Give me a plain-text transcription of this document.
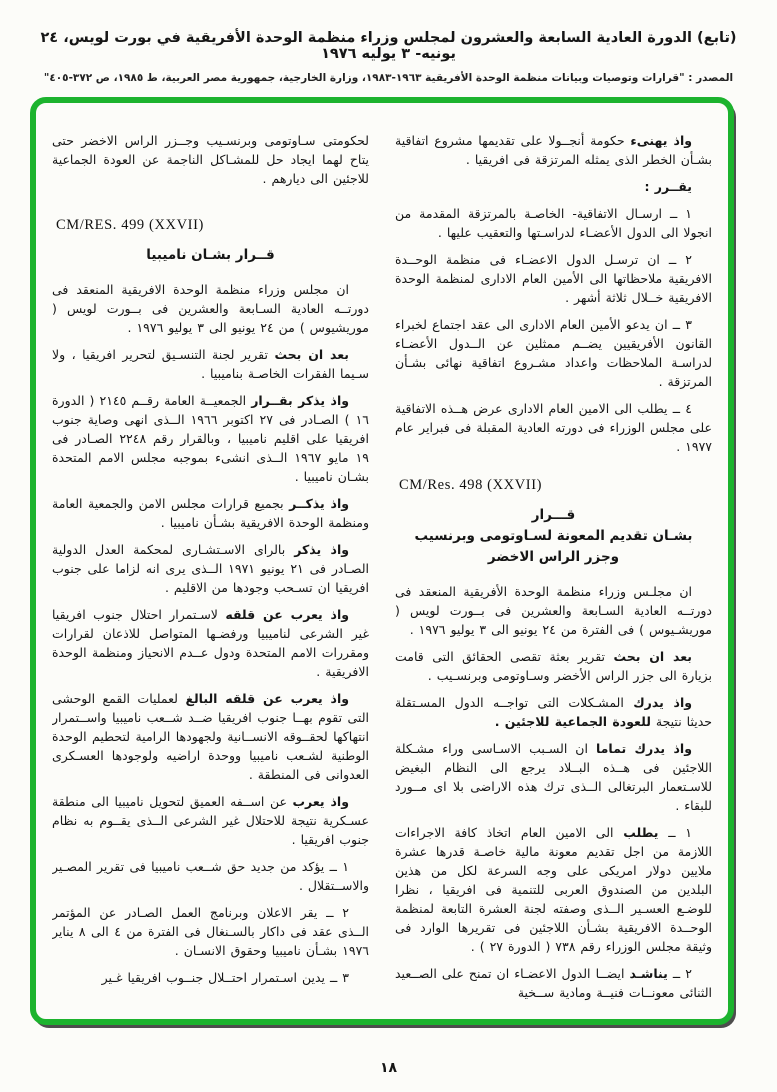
(تابع) الدورة العادية السابعة والعشرون لمجلس وزراء منظمة الوحدة الأفريقية في بورت لويس، ٢٤ يونيه- ٣ يوليه ١٩٧٦
المصدر : "قرارات وتوصيات وبيانات منظمة الوحدة الأفريقية ١٩٦٣-١٩٨٣، وزارة الخارجية، جمهورية مصر العربية، ط ١٩٨٥، ص ٣٧٢-٤٠٥"

واذ يهنىء حكومة أنجــولا على تقديمها مشروع اتفاقية بشـأن الخطر الذى يمثله المرتزقة فى افريقيا .

يقــرر :

١ ــ ارسـال الاتفاقية- الخاصـة بالمرتزقة المقدمة من انجولا الى الدول الأعضـاء لدراسـتها والتعقيب عليها .

٢ ــ ان ترسـل الدول الاعضـاء فى منظمة الوحــدة الافريقية ملاحظاتها الى الأمين العام الادارى لمنظمة الوحدة الافريقية خــلال ثلاثة أشهر .

٣ ــ ان يدعو الأمين العام الادارى الى عقد اجتماع لخبراء القانون الأفريقيين يضــم ممثلين عن الــدول الأعضـاء لدراسـة الملاحظات واعداد مشـروع اتفاقية نهائى بشـأن المرتزقة .

٤ ــ يطلب الى الامين العام الادارى عرض هــذه الاتفاقية على مجلس الوزراء فى دورته العادية المقبلة فى فبراير عام ١٩٧٧ .

CM/Res. 498 (XXVII)
قـــرار
بشـان تقديم المعونة لسـاوتومى وبرنسيب
وجزر الراس الاخضر

ان مجلـس وزراء منظمة الوحدة الأفريقية المنعقد فى دورتــه العادية السـابعة والعشرين فى بــورت لويس ( موريشـيوس ) فى الفترة من ٢٤ يونيو الى ٣ يوليو ١٩٧٦ .

بعد ان بحث تقرير بعثة تقصى الحقائق التى قامت بزيارة الى جزر الراس الأخضر وسـاوتومى وبرنسـيب .

واذ يدرك المشـكلات التى تواجــه الدول المسـتقلة حديثا نتيجة للعودة الجماعية للاجئين .

واذ يدرك تماما ان السـبب الاسـاسى وراء مشـكلة اللاجئين فى هــذه البــلاد يرجع الى النظام البغيض للاسـتعمار البرتغالى الــذى ترك هذه الاراضى بلا اى مــورد للبقاء .

١ ــ يطلب الى الامين العام اتخاذ كافة الاجراءات اللازمة من اجل تقديم معونة مالية خاصـة قدرها عشرة ملايين دولار امريكى على وجه السرعة لكل من هذين البلدين من الصندوق العربى للتنمية فى افريقيا ، نظرا للوضـع العسـير الــذى وصفته لجنة العشرة التابعة لمنظمة الوحــدة الافريقية بشـأن اللاجئين فى تقريرها الوارد فى وثيقة مجلس الوزراء رقم ٧٣٨ ( الدورة ٢٧ ) .

٢ ــ يناشـد ايضــا الدول الاعضـاء ان تمنح على الصــعيد الثنائى معونــات فنيــة ومادية ســخية

لحكومتى سـاوتومى وبرنسـيب وجــزر الراس الاخضر حتى يتاح لهما ايجاد حل للمشـاكل الناجمة عن العودة الجماعية للاجئين الى ديارهم .

CM/RES. 499 (XXVII)
قــرار بشـان ناميبيا

ان مجلس وزراء منظمة الوحدة الافريقية المنعقد فى دورتــه العادية السـابعة والعشرين فى بــورت لويس ( موريشيوس ) من ٢٤ يونيو الى ٣ يوليو ١٩٧٦ .

بعد ان بحث تقرير لجنة التنسـيق لتحرير افريقيا ، ولا سـيما الفقرات الخاصـة بناميبيا .

واذ يذكر بقــرار الجمعيــة العامة رقــم ٢١٤٥ ( الدورة ١٦ ) الصـادر فى ٢٧ اكتوبر ١٩٦٦ الــذى انهى وصاية جنوب افريقيا على اقليم ناميبيا ، وبالقرار رقم ٢٢٤٨ الصـادر فى ١٩ مايو ١٩٦٧ الــذى انشىء بموجبه مجلس الامم المتحدة بشـان ناميبيا .

واذ يذكــر بجميع قرارات مجلس الامن والجمعية العامة ومنظمة الوحدة الافريقية بشـأن ناميبيا .

واذ يذكر بالراى الاسـتشـارى لمحكمة العدل الدولية الصـادر فى ٢١ يونيو ١٩٧١ الــذى يرى انه لزاما على جنوب افريقيا ان تسـحب وجودها من الاقليم .

واذ يعرب عن قلقه لاسـتمرار احتلال جنوب افريقيا غير الشرعى لناميبيا ورفضـها المتواصل للاذعان لقرارات ومقررات الامم المتحدة ودول عــدم الانحياز ومنظمة الوحدة الافريقية .

واذ يعرب عن قلقه البالغ لعمليات القمع الوحشى التى تقوم بهــا جنوب افريقيا ضــد شــعب ناميبيا واســتمرار انتهاكها لحقــوقه الانســانية ولجهودها الرامية لتحطيم الوحدة الوطنية لشـعب ناميبيا ووحدة اراضيه ولوجودها العسـكرى العدوانى فى المنطقة .

واذ يعرب عن اســفه العميق لتحويل ناميبيا الى منطقة عسـكرية نتيجة للاحتلال غير الشرعى الــذى يقــوم به نظام جنوب افريقيا .

١ ــ يؤكد من جديد حق شــعب ناميبيا فى تقرير المصـير والاســتقلال .

٢ ــ يقر الاعلان وبرنامج العمل الصـادر عن المؤتمر الــذى عقد فى داكار بالسـنغال فى الفترة من ٤ الى ٨ يناير ١٩٧٦ بشـأن ناميبيا وحقوق الانسـان .

٣ ــ يدين اسـتمرار احتــلال جنــوب افريقيا غـير

١٨
